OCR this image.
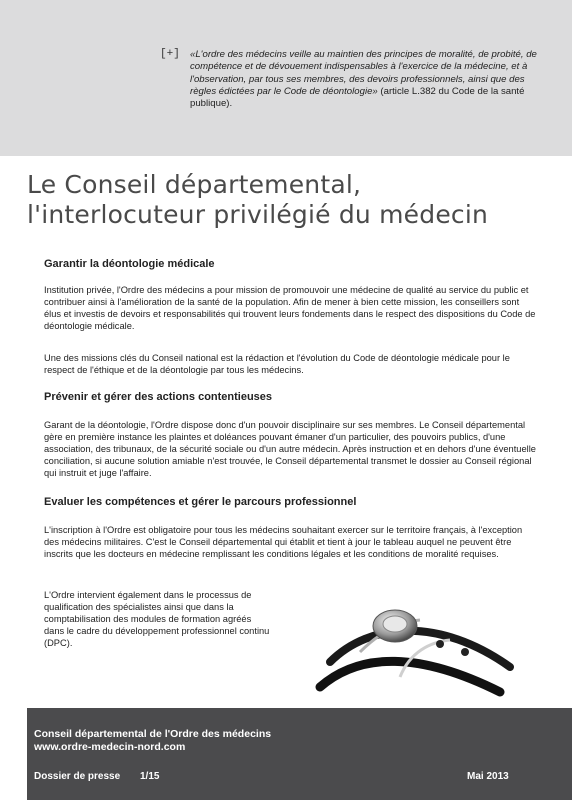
[+] «L'ordre des médecins veille au maintien des principes de moralité, de probité, de compétence et de dévouement indispensables à l'exercice de la médecine, et à l'observation, par tous ses membres, des devoirs professionnels, ainsi que des règles édictées par le Code de déontologie» (article L.382 du Code de la santé publique).
Le Conseil départemental,
l'interlocuteur privilégié du médecin
Garantir la déontologie médicale

Institution privée, l'Ordre des médecins a pour mission de promouvoir une médecine de qualité au service du public et contribuer ainsi à l'amélioration de la santé de la population. Afin de mener à bien cette mission, les conseillers sont élus et investis de devoirs et responsabilités qui trouvent leurs fondements dans le respect des dispositions du Code de déontologie médicale.

Une des missions clés du Conseil national est la rédaction et l'évolution du Code de déontologie médicale pour le respect de l'éthique et de la déontologie par tous les médecins.

Prévenir et gérer des actions contentieuses

Garant de la déontologie, l'Ordre dispose donc d'un pouvoir disciplinaire sur ses membres. Le Conseil départemental gère en première instance les plaintes et doléances pouvant émaner d'un particulier, des pouvoirs publics, d'une association, des tribunaux, de la sécurité sociale ou d'un autre médecin. Après instruction et en dehors d'une éventuelle conciliation, si aucune solution amiable n'est trouvée, le Conseil départemental transmet le dossier au Conseil régional qui instruit et juge l'affaire.

Evaluer les compétences et gérer le parcours professionnel

L'inscription à l'Ordre est obligatoire pour tous les médecins souhaitant exercer sur le territoire français, à l'exception des médecins militaires. C'est le Conseil départemental qui établit et tient à jour le tableau auquel ne peuvent être inscrits que les docteurs en médecine remplissant les conditions légales et les conditions de moralité requises.

L'Ordre intervient également dans le processus de qualification des spécialistes ainsi que dans la comptabilisation des modules de formation agréés dans le cadre du développement professionnel continu (DPC).

Conseil départemental de l'Ordre des médecins
www.ordre-medecin-nord.com
Dossier de presse 1/15	Mai 2013
